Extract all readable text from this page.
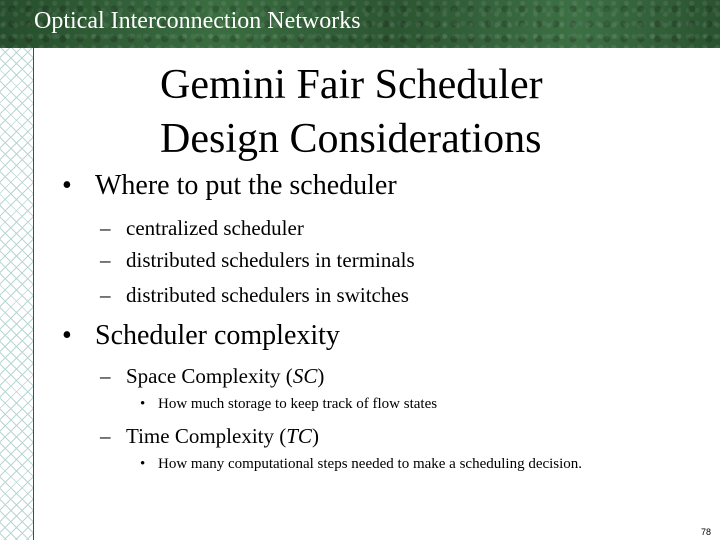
Optical Interconnection Networks
Gemini Fair Scheduler
Design Considerations
• Where to put the scheduler
– centralized scheduler
– distributed schedulers in terminals
– distributed schedulers in switches
• Scheduler complexity
– Space Complexity (SC)
• How much storage to keep track of flow states
– Time Complexity (TC)
• How many computational steps needed to make a scheduling decision.
78
